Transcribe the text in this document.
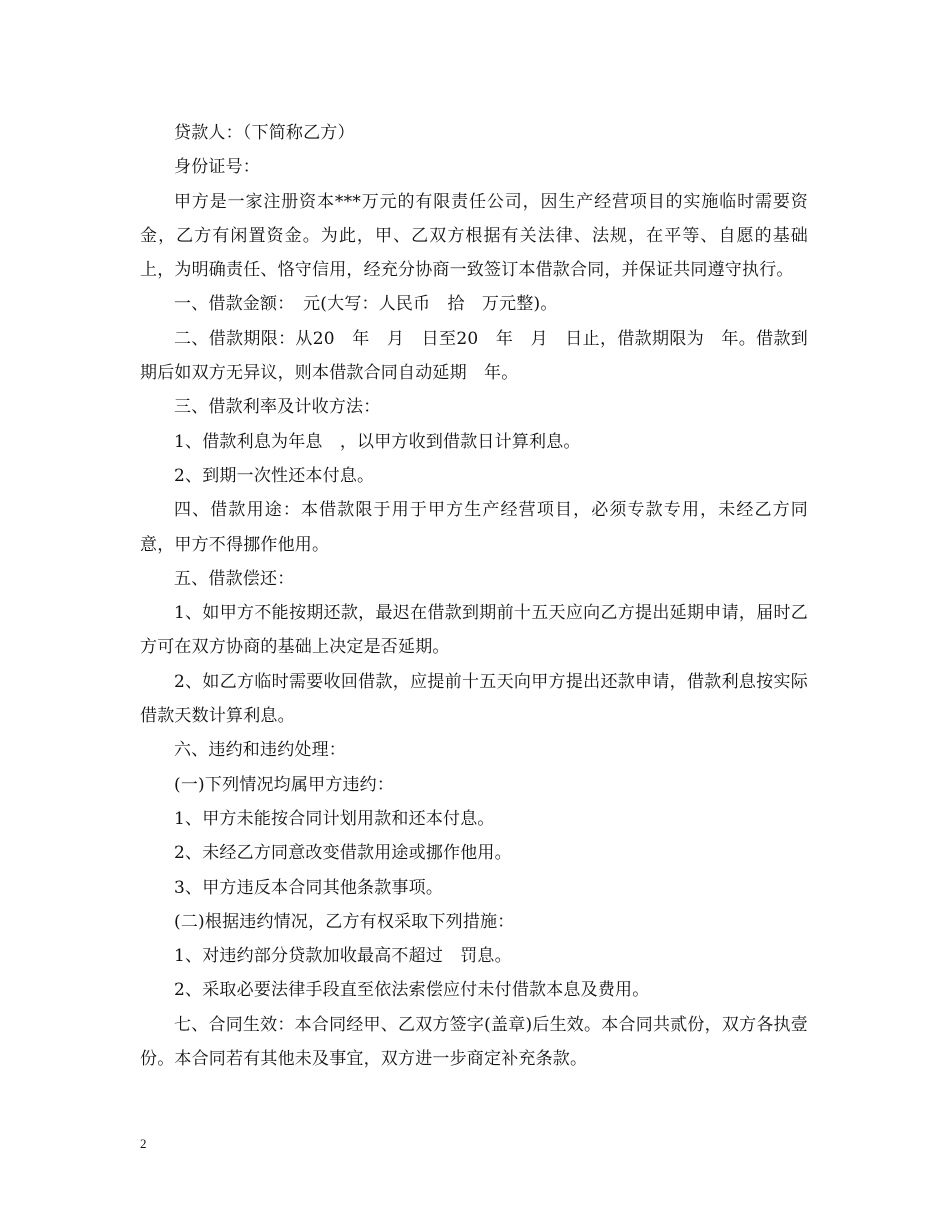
贷款人：（下简称乙方）

身份证号：

甲方是一家注册资本***万元的有限责任公司，因生产经营项目的实施临时需要资金，乙方有闲置资金。为此，甲、乙双方根据有关法律、法规，在平等、自愿的基础上，为明确责任、恪守信用，经充分协商一致签订本借款合同，并保证共同遵守执行。

一、借款金额：　元(大写：人民币　拾　万元整)。

二、借款期限：从20　年　月　日至20　年　月　日止，借款期限为　年。借款到期后如双方无异议，则本借款合同自动延期　年。

三、借款利率及计收方法：

1、借款利息为年息　，以甲方收到借款日计算利息。

2、到期一次性还本付息。

四、借款用途：本借款限于用于甲方生产经营项目，必须专款专用，未经乙方同意，甲方不得挪作他用。

五、借款偿还：

1、如甲方不能按期还款，最迟在借款到期前十五天应向乙方提出延期申请，届时乙方可在双方协商的基础上决定是否延期。

2、如乙方临时需要收回借款，应提前十五天向甲方提出还款申请，借款利息按实际借款天数计算利息。

六、违约和违约处理：

(一)下列情况均属甲方违约：

1、甲方未能按合同计划用款和还本付息。

2、未经乙方同意改变借款用途或挪作他用。

3、甲方违反本合同其他条款事项。

(二)根据违约情况，乙方有权采取下列措施：

1、对违约部分贷款加收最高不超过　罚息。

2、采取必要法律手段直至依法索偿应付未付借款本息及费用。

七、合同生效：本合同经甲、乙双方签字(盖章)后生效。本合同共贰份，双方各执壹份。本合同若有其他未及事宜，双方进一步商定补充条款。

2
